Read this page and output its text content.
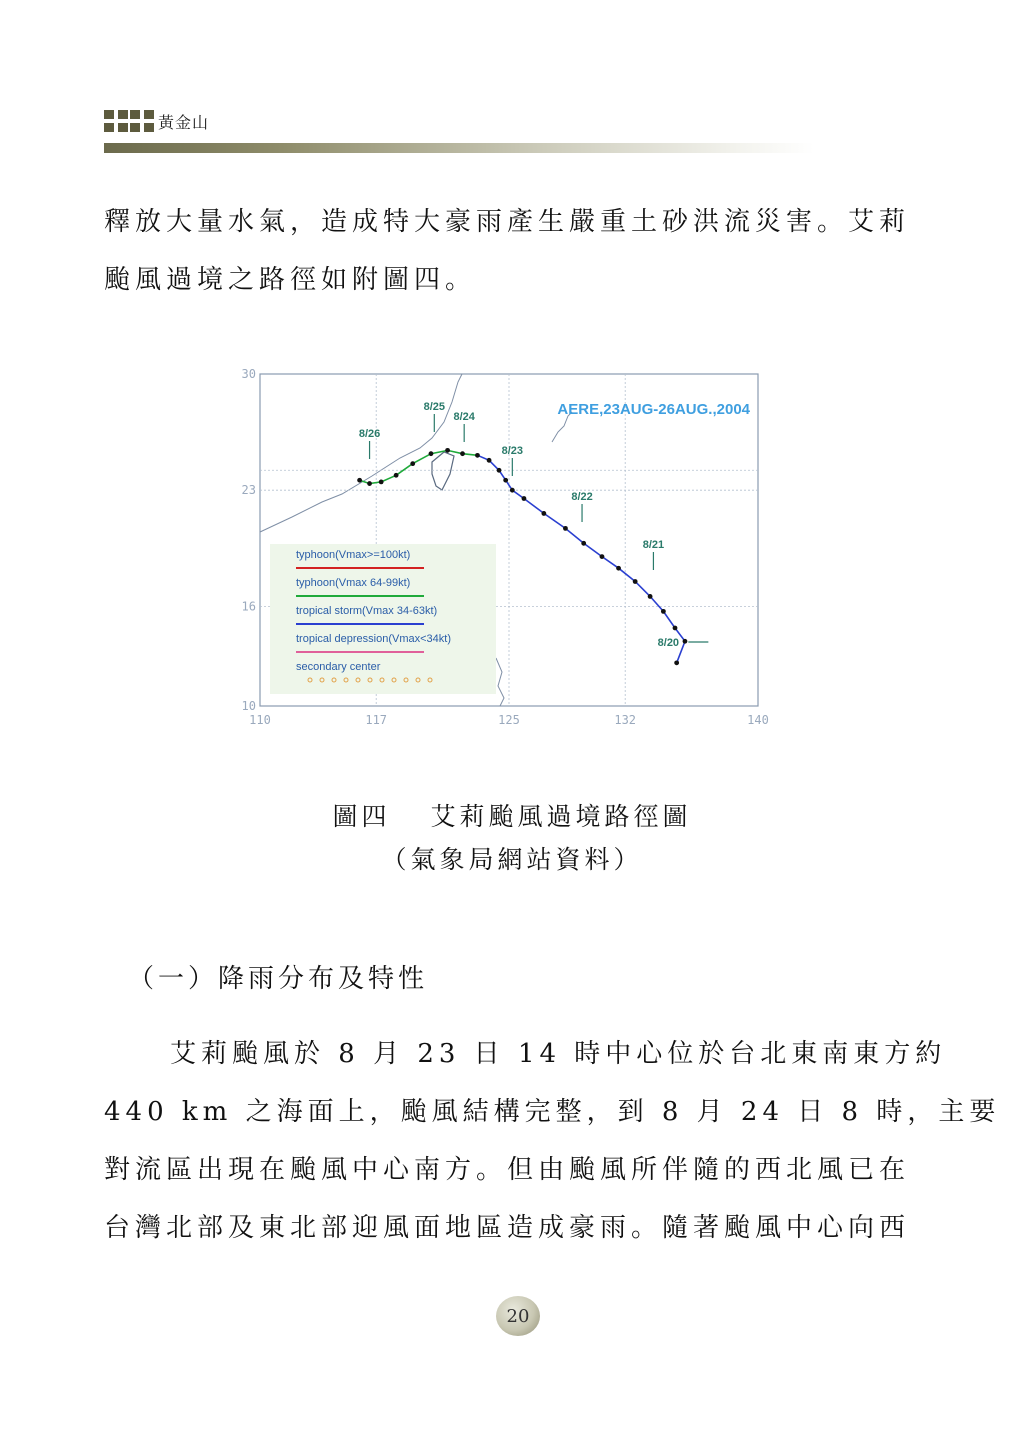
黃金山
釋放大量水氣，造成特大豪雨產生嚴重土砂洪流災害。艾莉
颱風過境之路徑如附圖四。
110	117	125	132	140
30
23
16
10
typhoon(Vmax>=100kt)
typhoon(Vmax 64-99kt)
tropical storm(Vmax 34-63kt)
tropical depression(Vmax<34kt)
secondary center
8/26
8/25
8/24
8/23
8/22
8/21
8/20
AERE,23AUG-26AUG.,2004
圖四 艾莉颱風過境路徑圖
（氣象局網站資料）
（一）降雨分布及特性
艾莉颱風於 8 月 23 日 14 時中心位於台北東南東方約
440 km 之海面上，颱風結構完整，到 8 月 24 日 8 時，主要
對流區出現在颱風中心南方。但由颱風所伴隨的西北風已在
台灣北部及東北部迎風面地區造成豪雨。隨著颱風中心向西
20
